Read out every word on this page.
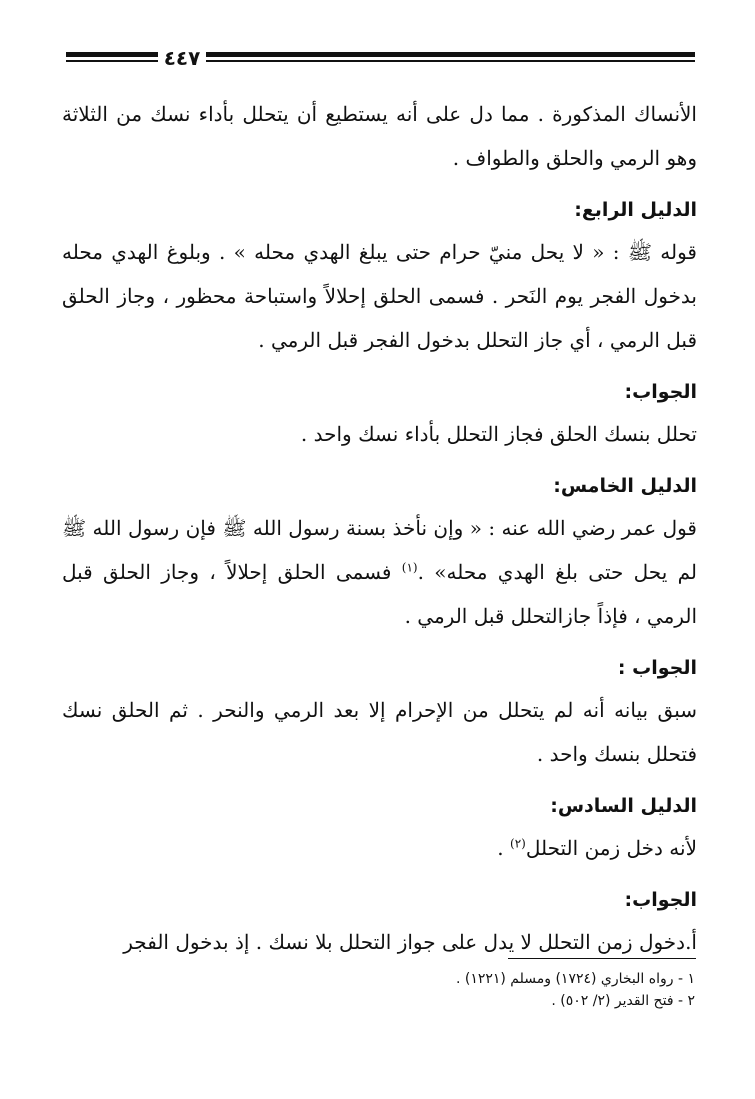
٤٤٧

الأنساك المذكورة . مما دل على أنه يستطيع أن يتحلل بأداء نسك من الثلاثة وهو الرمي والحلق والطواف .

الدليل الرابع:

قوله ﷺ : « لا يحل منيّ حرام حتى يبلغ الهدي محله » . وبلوغ الهدي محله بدخول الفجر يوم النَحر . فسمى الحلق إحلالاً واستباحة محظور ، وجاز الحلق قبل الرمي ، أي جاز التحلل بدخول الفجر قبل الرمي .

الجواب:

تحلل بنسك الحلق فجاز التحلل بأداء نسك واحد .

الدليل الخامس:

قول عمر رضي الله عنه : « وإن نأخذ بسنة رسول الله ﷺ فإن رسول الله ﷺ لم يحل حتى بلغ الهدي محله» .$^{(١)}$ فسمى الحلق إحلالاً ، وجاز الحلق قبل الرمي ، فإذاً جازالتحلل قبل الرمي .

الجواب :

سبق بيانه أنه لم يتحلل من الإحرام إلا بعد الرمي والنحر . ثم الحلق نسك فتحلل بنسك واحد .

الدليل السادس:

لأنه دخل زمن التحلل$^{(٢)}$ .

الجواب:

أ.دخول زمن التحلل لا يدل على جواز التحلل بلا نسك . إذ بدخول الفجر

١ - رواه البخاري (١٧٢٤) ومسلم (١٢٢١) .
٢ - فتح القدير (٢/ ٥٠٢) .
